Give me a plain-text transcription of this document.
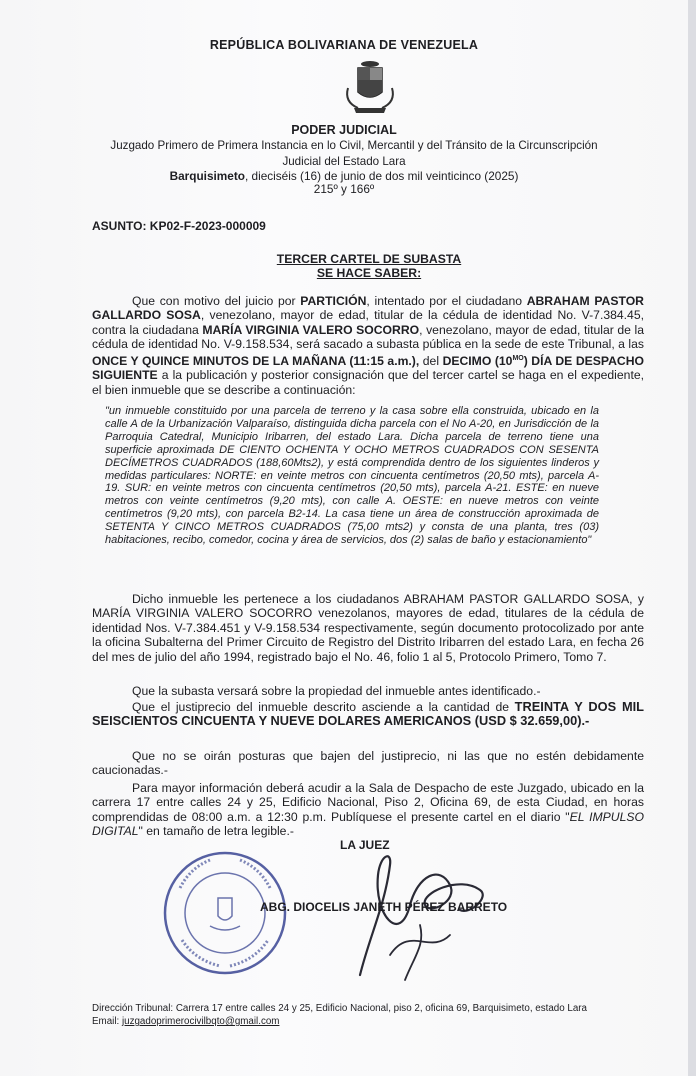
REPÚBLICA BOLIVARIANA DE VENEZUELA
PODER JUDICIAL
Juzgado Primero de Primera Instancia en lo Civil, Mercantil y del Tránsito de la Circunscripción
Judicial del Estado Lara
Barquisimeto, dieciséis (16) de junio de dos mil veinticinco (2025)
215º y 166º
ASUNTO: KP02-F-2023-000009
TERCER CARTEL DE SUBASTA
SE HACE SABER:
Que con motivo del juicio por PARTICIÓN, intentado por el ciudadano ABRAHAM PASTOR GALLARDO SOSA, venezolano, mayor de edad, titular de la cédula de identidad No. V-7.384.45, contra la ciudadana MARÍA VIRGINIA VALERO SOCORRO, venezolano, mayor de edad, titular de la cédula de identidad No. V-9.158.534, será sacado a subasta pública en la sede de este Tribunal, a las ONCE Y QUINCE MINUTOS DE LA MAÑANA (11:15 a.m.), del DECIMO $(10^{MO})$ DÍA DE DESPACHO SIGUIENTE a la publicación y posterior consignación que del tercer cartel se haga en el expediente, el bien inmueble que se describe a continuación:
"un inmueble constituido por una parcela de terreno y la casa sobre ella construida, ubicado en la calle A de la Urbanización Valparaíso, distinguida dicha parcela con el No A-20, en Jurisdicción de la Parroquia Catedral, Municipio Iribarren, del estado Lara. Dicha parcela de terreno tiene una superficie aproximada DE CIENTO OCHENTA Y OCHO METROS CUADRADOS CON SESENTA DECÍMETROS CUADRADOS (188,60Mts2), y está comprendida dentro de los siguientes linderos y medidas particulares: NORTE: en veinte metros con cincuenta centímetros (20,50 mts), parcela A-19. SUR: en veinte metros con cincuenta centímetros (20,50 mts), parcela A-21. ESTE: en nueve metros con veinte centímetros (9,20 mts), con calle A. OESTE: en nueve metros con veinte centímetros (9,20 mts), con parcela B2-14. La casa tiene un área de construcción aproximada de SETENTA Y CINCO METROS CUADRADOS (75,00 mts2) y consta de una planta, tres (03) habitaciones, recibo, comedor, cocina y área de servicios, dos (2) salas de baño y estacionamiento"
Dicho inmueble les pertenece a los ciudadanos ABRAHAM PASTOR GALLARDO SOSA, y MARÍA VIRGINIA VALERO SOCORRO venezolanos, mayores de edad, titulares de la cédula de identidad Nos. V-7.384.451 y V-9.158.534 respectivamente, según documento protocolizado por ante la oficina Subalterna del Primer Circuito de Registro del Distrito Iribarren del estado Lara, en fecha 26 del mes de julio del año 1994, registrado bajo el No. 46, folio 1 al 5, Protocolo Primero, Tomo 7.
Que la subasta versará sobre la propiedad del inmueble antes identificado.-
Que el justiprecio del inmueble descrito asciende a la cantidad de TREINTA Y DOS MIL SEISCIENTOS CINCUENTA Y NUEVE DOLARES AMERICANOS (USD $ 32.659,00).-
Que no se oirán posturas que bajen del justiprecio, ni las que no estén debidamente caucionadas.-
Para mayor información deberá acudir a la Sala de Despacho de este Juzgado, ubicado en la carrera 17 entre calles 24 y 25, Edificio Nacional, Piso 2, Oficina 69, de esta Ciudad, en horas comprendidas de 08:00 a.m. a 12:30 p.m. Publíquese el presente cartel en el diario "EL IMPULSO DIGITAL" en tamaño de letra legible.-
LA JUEZ
ABG. DIOCELIS JANETH PÉREZ BARRETO
Dirección Tribunal: Carrera 17 entre calles 24 y 25, Edificio Nacional, piso 2, oficina 69, Barquisimeto, estado Lara
Email: juzgadoprimerocivilbqto@gmail.com
